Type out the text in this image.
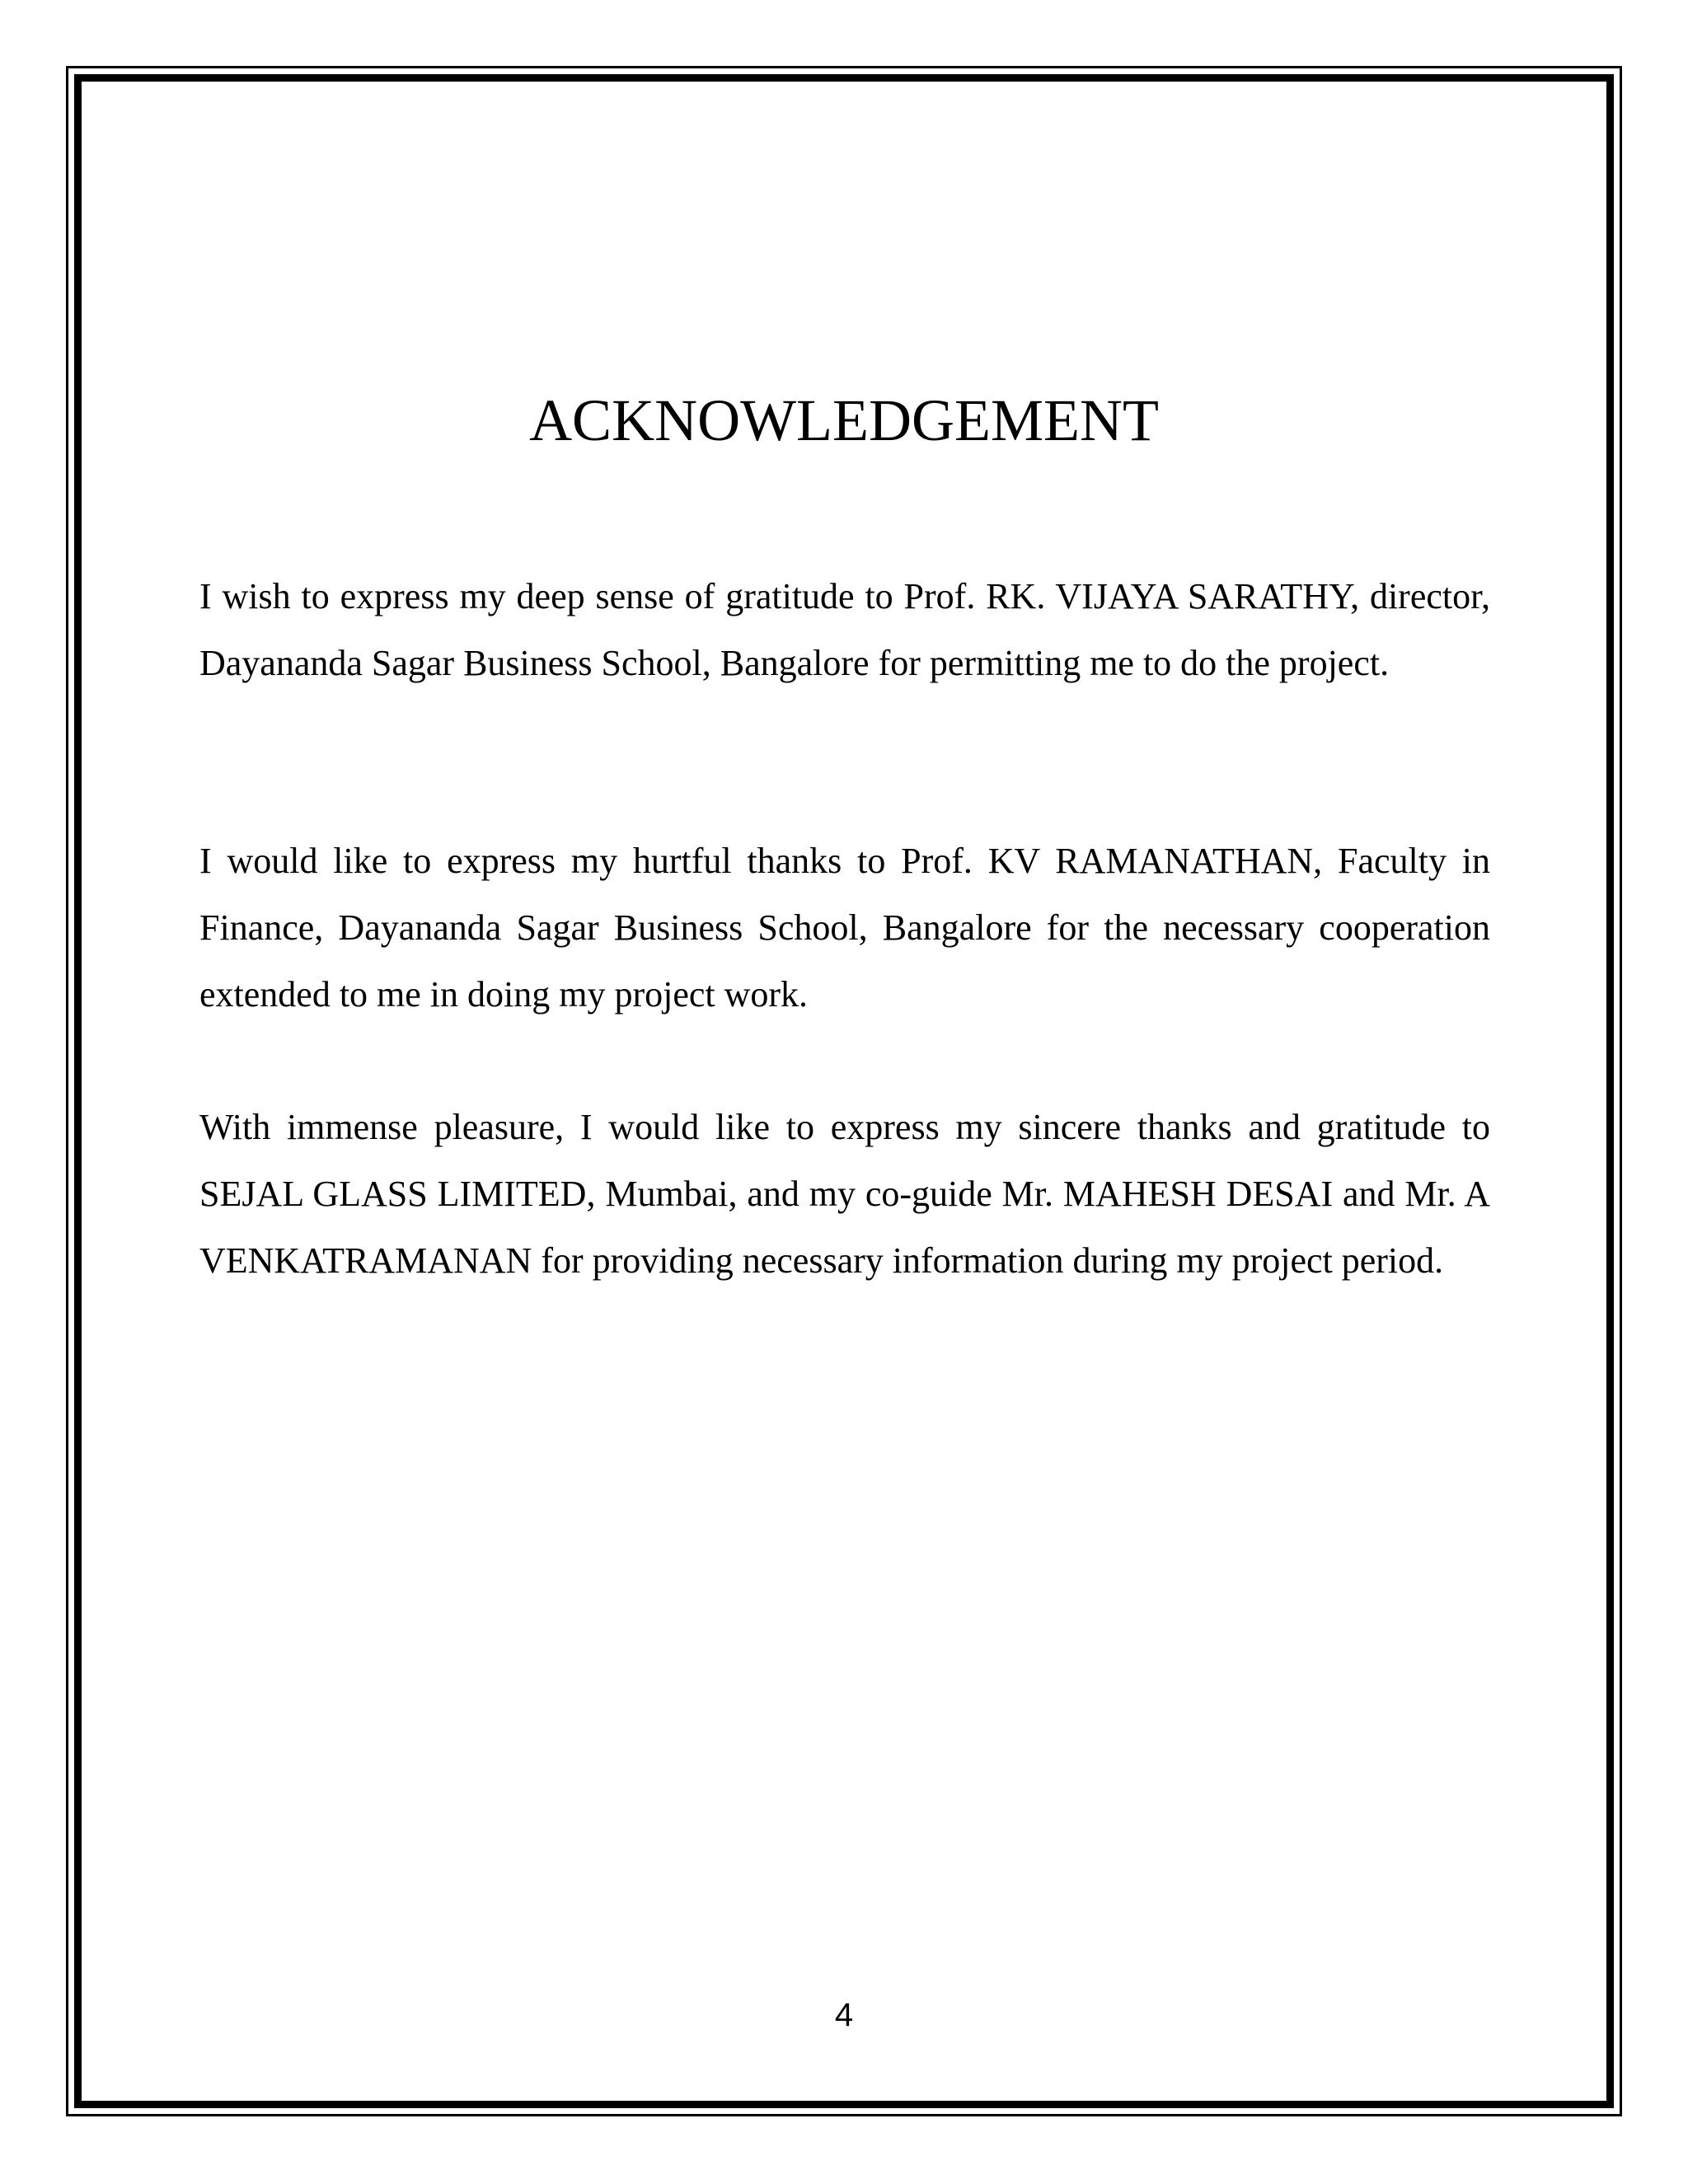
ACKNOWLEDGEMENT

I wish to express my deep sense of gratitude to Prof. RK. VIJAYA SARATHY, director, Dayananda Sagar Business School, Bangalore for permitting me to do the project.

I would like to express my hurtful thanks to Prof. KV RAMANATHAN, Faculty in Finance, Dayananda Sagar Business School, Bangalore for the necessary cooperation extended to me in doing my project work.

With immense pleasure, I would like to express my sincere thanks and gratitude to SEJAL GLASS LIMITED, Mumbai, and my co-guide Mr. MAHESH DESAI and Mr. A VENKATRAMANAN for providing necessary information during my project period.

4
